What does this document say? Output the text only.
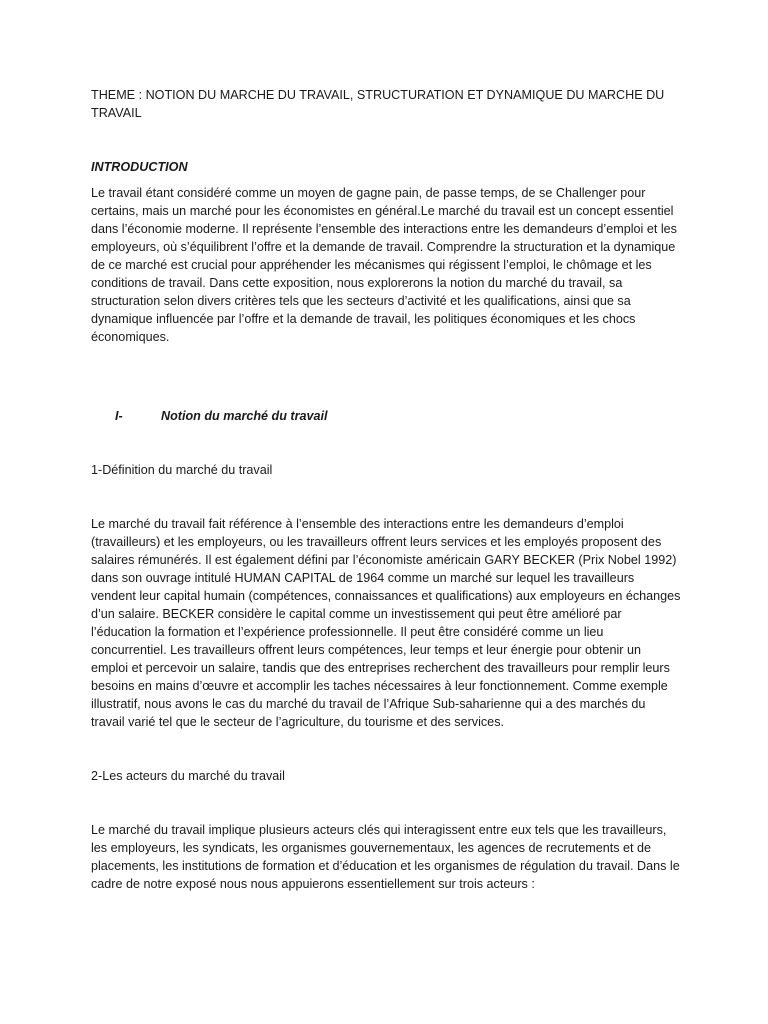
THEME : NOTION DU MARCHE DU TRAVAIL, STRUCTURATION ET DYNAMIQUE DU MARCHE DU TRAVAIL

INTRODUCTION

Le travail étant considéré comme un moyen de gagne pain, de passe temps, de se Challenger pour certains, mais un marché pour les économistes en général.Le marché du travail est un concept essentiel dans l’économie moderne. Il représente l’ensemble des interactions entre les demandeurs d’emploi et les employeurs, où s’équilibrent l’offre et la demande de travail. Comprendre la structuration et la dynamique de ce marché est crucial pour appréhender les mécanismes qui régissent l’emploi, le chômage et les conditions de travail. Dans cette exposition, nous explorerons la notion du marché du travail, sa structuration selon divers critères tels que les secteurs d’activité et les qualifications, ainsi que sa dynamique influencée par l’offre et la demande de travail, les politiques économiques et les chocs économiques.

I-	Notion du marché du travail

1-Définition du marché du travail

Le marché du travail fait référence à l’ensemble des interactions entre les demandeurs d’emploi (travailleurs) et les employeurs, ou les travailleurs offrent leurs services et les employés proposent des salaires rémunérés. Il est également défini par l’économiste américain GARY BECKER (Prix Nobel 1992) dans son ouvrage intitulé HUMAN CAPITAL de 1964 comme un marché sur lequel les travailleurs vendent leur capital humain (compétences, connaissances et qualifications) aux employeurs en échanges d’un salaire. BECKER considère le capital comme un investissement qui peut être amélioré par l’éducation la formation et l’expérience professionnelle. Il peut être considéré comme un lieu concurrentiel. Les travailleurs offrent leurs compétences, leur temps et leur énergie pour obtenir un emploi et percevoir un salaire, tandis que des entreprises recherchent des travailleurs pour remplir leurs besoins en mains d’œuvre et accomplir les taches nécessaires à leur fonctionnement. Comme exemple illustratif, nous avons le cas du marché du travail de l’Afrique Sub-saharienne qui a des marchés du travail varié tel que le secteur de l’agriculture, du tourisme et des services.

2-Les acteurs du marché du travail

Le marché du travail implique plusieurs acteurs clés qui interagissent entre eux tels que les travailleurs, les employeurs, les syndicats, les organismes gouvernementaux, les agences de recrutements et de placements, les institutions de formation et d’éducation et les organismes de régulation du travail. Dans le cadre de notre exposé nous nous appuierons essentiellement sur trois acteurs :
